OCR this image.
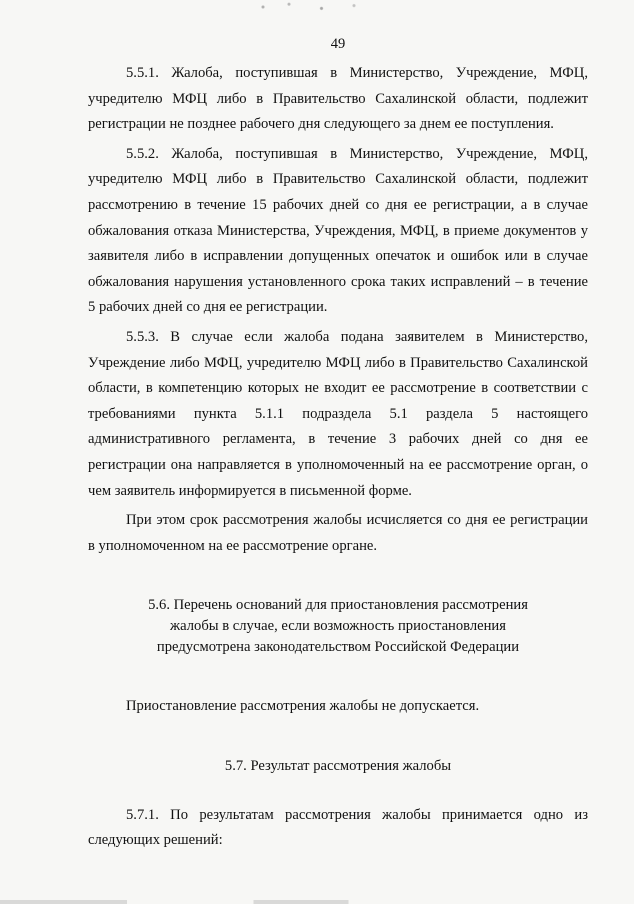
49

5.5.1. Жалоба, поступившая в Министерство, Учреждение, МФЦ, учредителю МФЦ либо в Правительство Сахалинской области, подлежит регистрации не позднее рабочего дня следующего за днем ее поступления.

5.5.2. Жалоба, поступившая в Министерство, Учреждение, МФЦ, учредителю МФЦ либо в Правительство Сахалинской области, подлежит рассмотрению в течение 15 рабочих дней со дня ее регистрации, а в случае обжалования отказа Министерства, Учреждения, МФЦ, в приеме документов у заявителя либо в исправлении допущенных опечаток и ошибок или в случае обжалования нарушения установленного срока таких исправлений – в течение 5 рабочих дней со дня ее регистрации.

5.5.3. В случае если жалоба подана заявителем в Министерство, Учреждение либо МФЦ, учредителю МФЦ либо в Правительство Сахалинской области, в компетенцию которых не входит ее рассмотрение в соответствии с требованиями пункта 5.1.1 подраздела 5.1 раздела 5 настоящего административного регламента, в течение 3 рабочих дней со дня ее регистрации она направляется в уполномоченный на ее рассмотрение орган, о чем заявитель информируется в письменной форме.

При этом срок рассмотрения жалобы исчисляется со дня ее регистрации в уполномоченном на ее рассмотрение органе.

5.6. Перечень оснований для приостановления рассмотрения
жалобы в случае, если возможность приостановления
предусмотрена законодательством Российской Федерации

Приостановление рассмотрения жалобы не допускается.

5.7. Результат рассмотрения жалобы

5.7.1. По результатам рассмотрения жалобы принимается одно из следующих решений:
